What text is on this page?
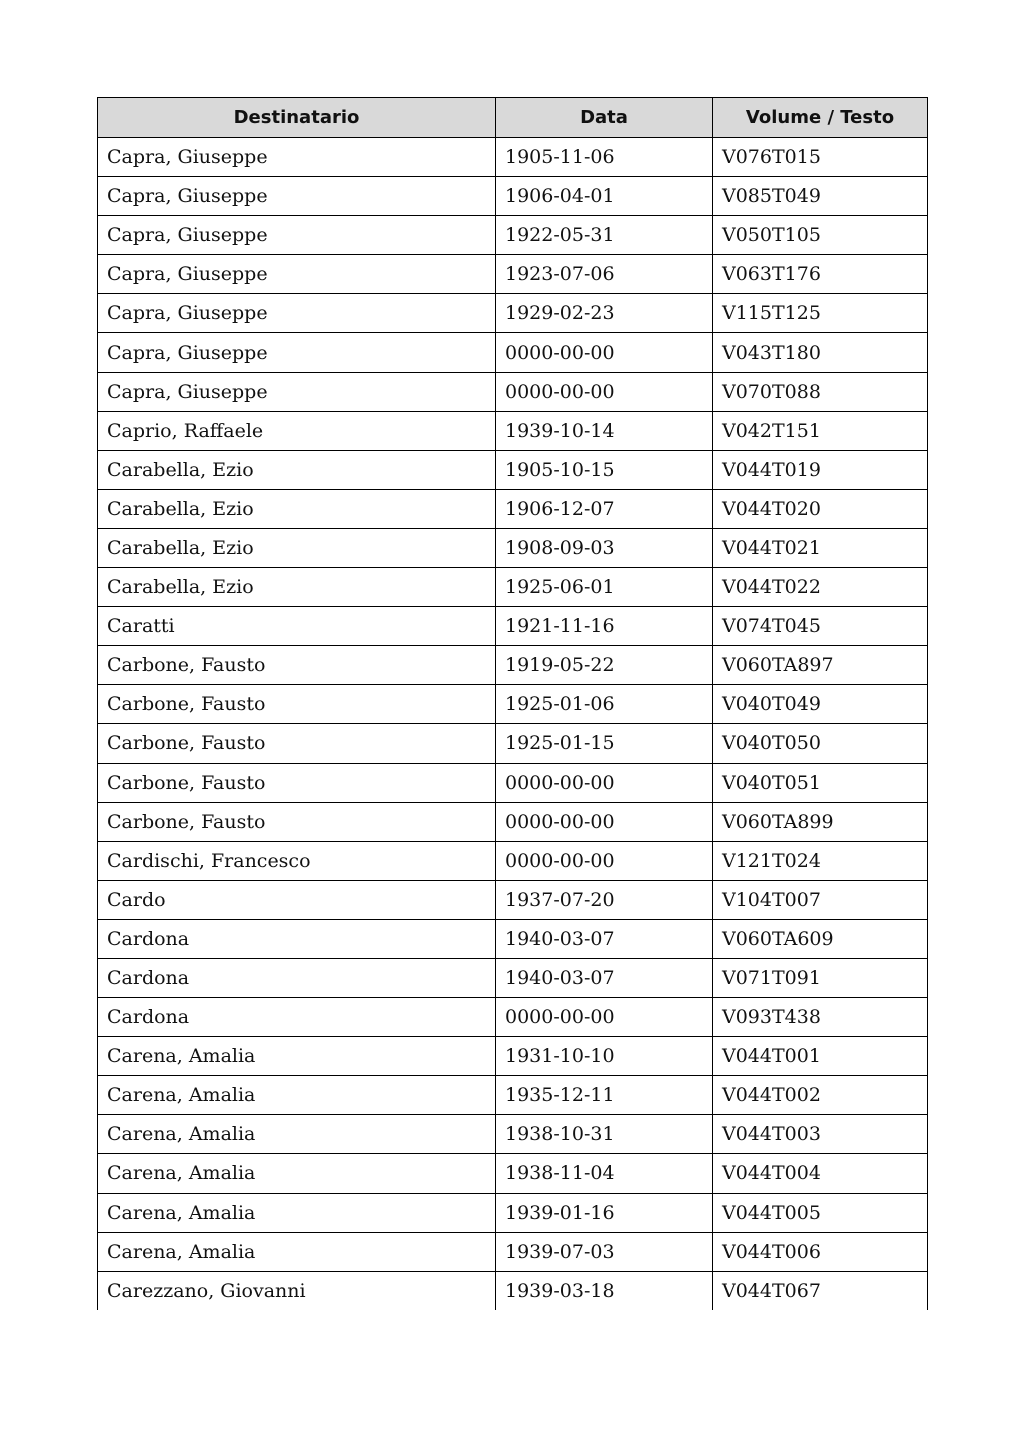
Destinatario	Data	Volume / Testo
Capra, Giuseppe	1905-11-06	V076T015
Capra, Giuseppe	1906-04-01	V085T049
Capra, Giuseppe	1922-05-31	V050T105
Capra, Giuseppe	1923-07-06	V063T176
Capra, Giuseppe	1929-02-23	V115T125
Capra, Giuseppe	0000-00-00	V043T180
Capra, Giuseppe	0000-00-00	V070T088
Caprio, Raffaele	1939-10-14	V042T151
Carabella, Ezio	1905-10-15	V044T019
Carabella, Ezio	1906-12-07	V044T020
Carabella, Ezio	1908-09-03	V044T021
Carabella, Ezio	1925-06-01	V044T022
Caratti	1921-11-16	V074T045
Carbone, Fausto	1919-05-22	V060TA897
Carbone, Fausto	1925-01-06	V040T049
Carbone, Fausto	1925-01-15	V040T050
Carbone, Fausto	0000-00-00	V040T051
Carbone, Fausto	0000-00-00	V060TA899
Cardischi, Francesco	0000-00-00	V121T024
Cardo	1937-07-20	V104T007
Cardona	1940-03-07	V060TA609
Cardona	1940-03-07	V071T091
Cardona	0000-00-00	V093T438
Carena, Amalia	1931-10-10	V044T001
Carena, Amalia	1935-12-11	V044T002
Carena, Amalia	1938-10-31	V044T003
Carena, Amalia	1938-11-04	V044T004
Carena, Amalia	1939-01-16	V044T005
Carena, Amalia	1939-07-03	V044T006
Carezzano, Giovanni	1939-03-18	V044T067
